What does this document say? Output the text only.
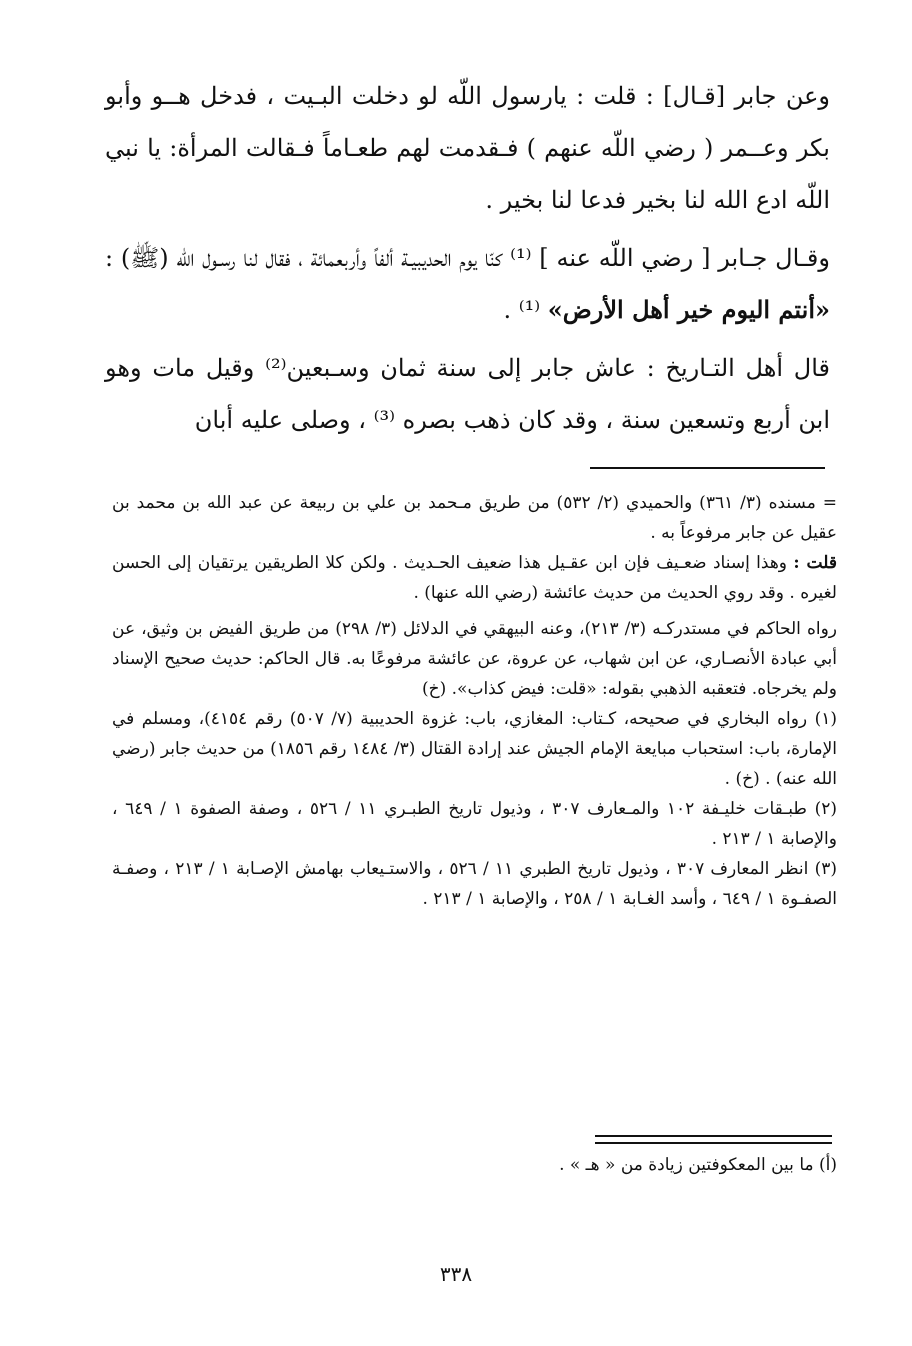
وعن جابر [قـال] : قلت : يارسول اللّه لو دخلت البـيت ، فدخل هــو وأبو بكر وعــمر ( رضي اللّه عنهم ) فـقدمت لهم طعـاماً فـقالت المرأة: يا نبي اللّه ادع الله لنا بخير فدعا لنا بخير .

وقـال جـابر [ رضي اللّه عنه ] ⁽¹⁾ كنّا يوم الحديبيـة ألفاً وأربعمائة ، فقال لنا رسـول اللّه (ﷺ) : «أنتم اليوم خير أهل الأرض» ⁽¹⁾ .

قال أهل التـاريخ : عاش جابر إلى سنة ثمان وسـبعين⁽²⁾ وقيل مات وهو ابن أربع وتسعين سنة ، وقد كان ذهب بصره ⁽³⁾ ، وصلى عليه أبان

= مسنده (٣/ ٣٦١) والحميدي (٢/ ٥٣٢) من طريق مـحمد بن علي بن ربيعة عن عبد الله بن محمد بن عقيل عن جابر مرفوعاً به .

قلت : وهذا إسناد ضعـيف فإن ابن عقـيل هذا ضعيف الحـديث . ولكن كلا الطريقين يرتقيان إلى الحسن لغيره . وقد روي الحديث من حديث عائشة (رضي الله عنها) .

رواه الحاكم في مستدركـه (٣/ ٢١٣)، وعنه البيهقي في الدلائل (٣/ ٢٩٨) من طريق الفيض بن وثيق، عن أبي عبادة الأنصـاري، عن ابن شهاب، عن عروة، عن عائشة مرفوعًا به. قال الحاكم: حديث صحيح الإسناد ولم يخرجاه. فتعقبه الذهبي بقوله: «قلت: فيض كذاب». (خ)

(١) رواه البخاري في صحيحه، كـتاب: المغازي، باب: غزوة الحديبية (٧/ ٥٠٧) رقم ٤١٥٤)، ومسلم في الإمارة، باب: استحباب مبايعة الإمام الجيش عند إرادة القتال (٣/ ١٤٨٤ رقم ١٨٥٦) من حديث جابر (رضي الله عنه) . (خ) .

(٢) طبـقات خليـفة ١٠٢ والمـعارف ٣٠٧ ، وذيول تاريخ الطبـري ١١ / ٥٢٦ ، وصفة الصفوة ١ / ٦٤٩ ، والإصابة ١ / ٢١٣ .

(٣) انظر المعارف ٣٠٧ ، وذيول تاريخ الطبري ١١ / ٥٢٦ ، والاستـيعاب بهامش الإصـابة ١ / ٢١٣ ، وصفـة الصفـوة ١ / ٦٤٩ ، وأسد الغـابة ١ / ٢٥٨ ، والإصابة ١ / ٢١٣ .

(أ) ما بين المعكوفتين زيادة من « هـ » .

٣٣٨
